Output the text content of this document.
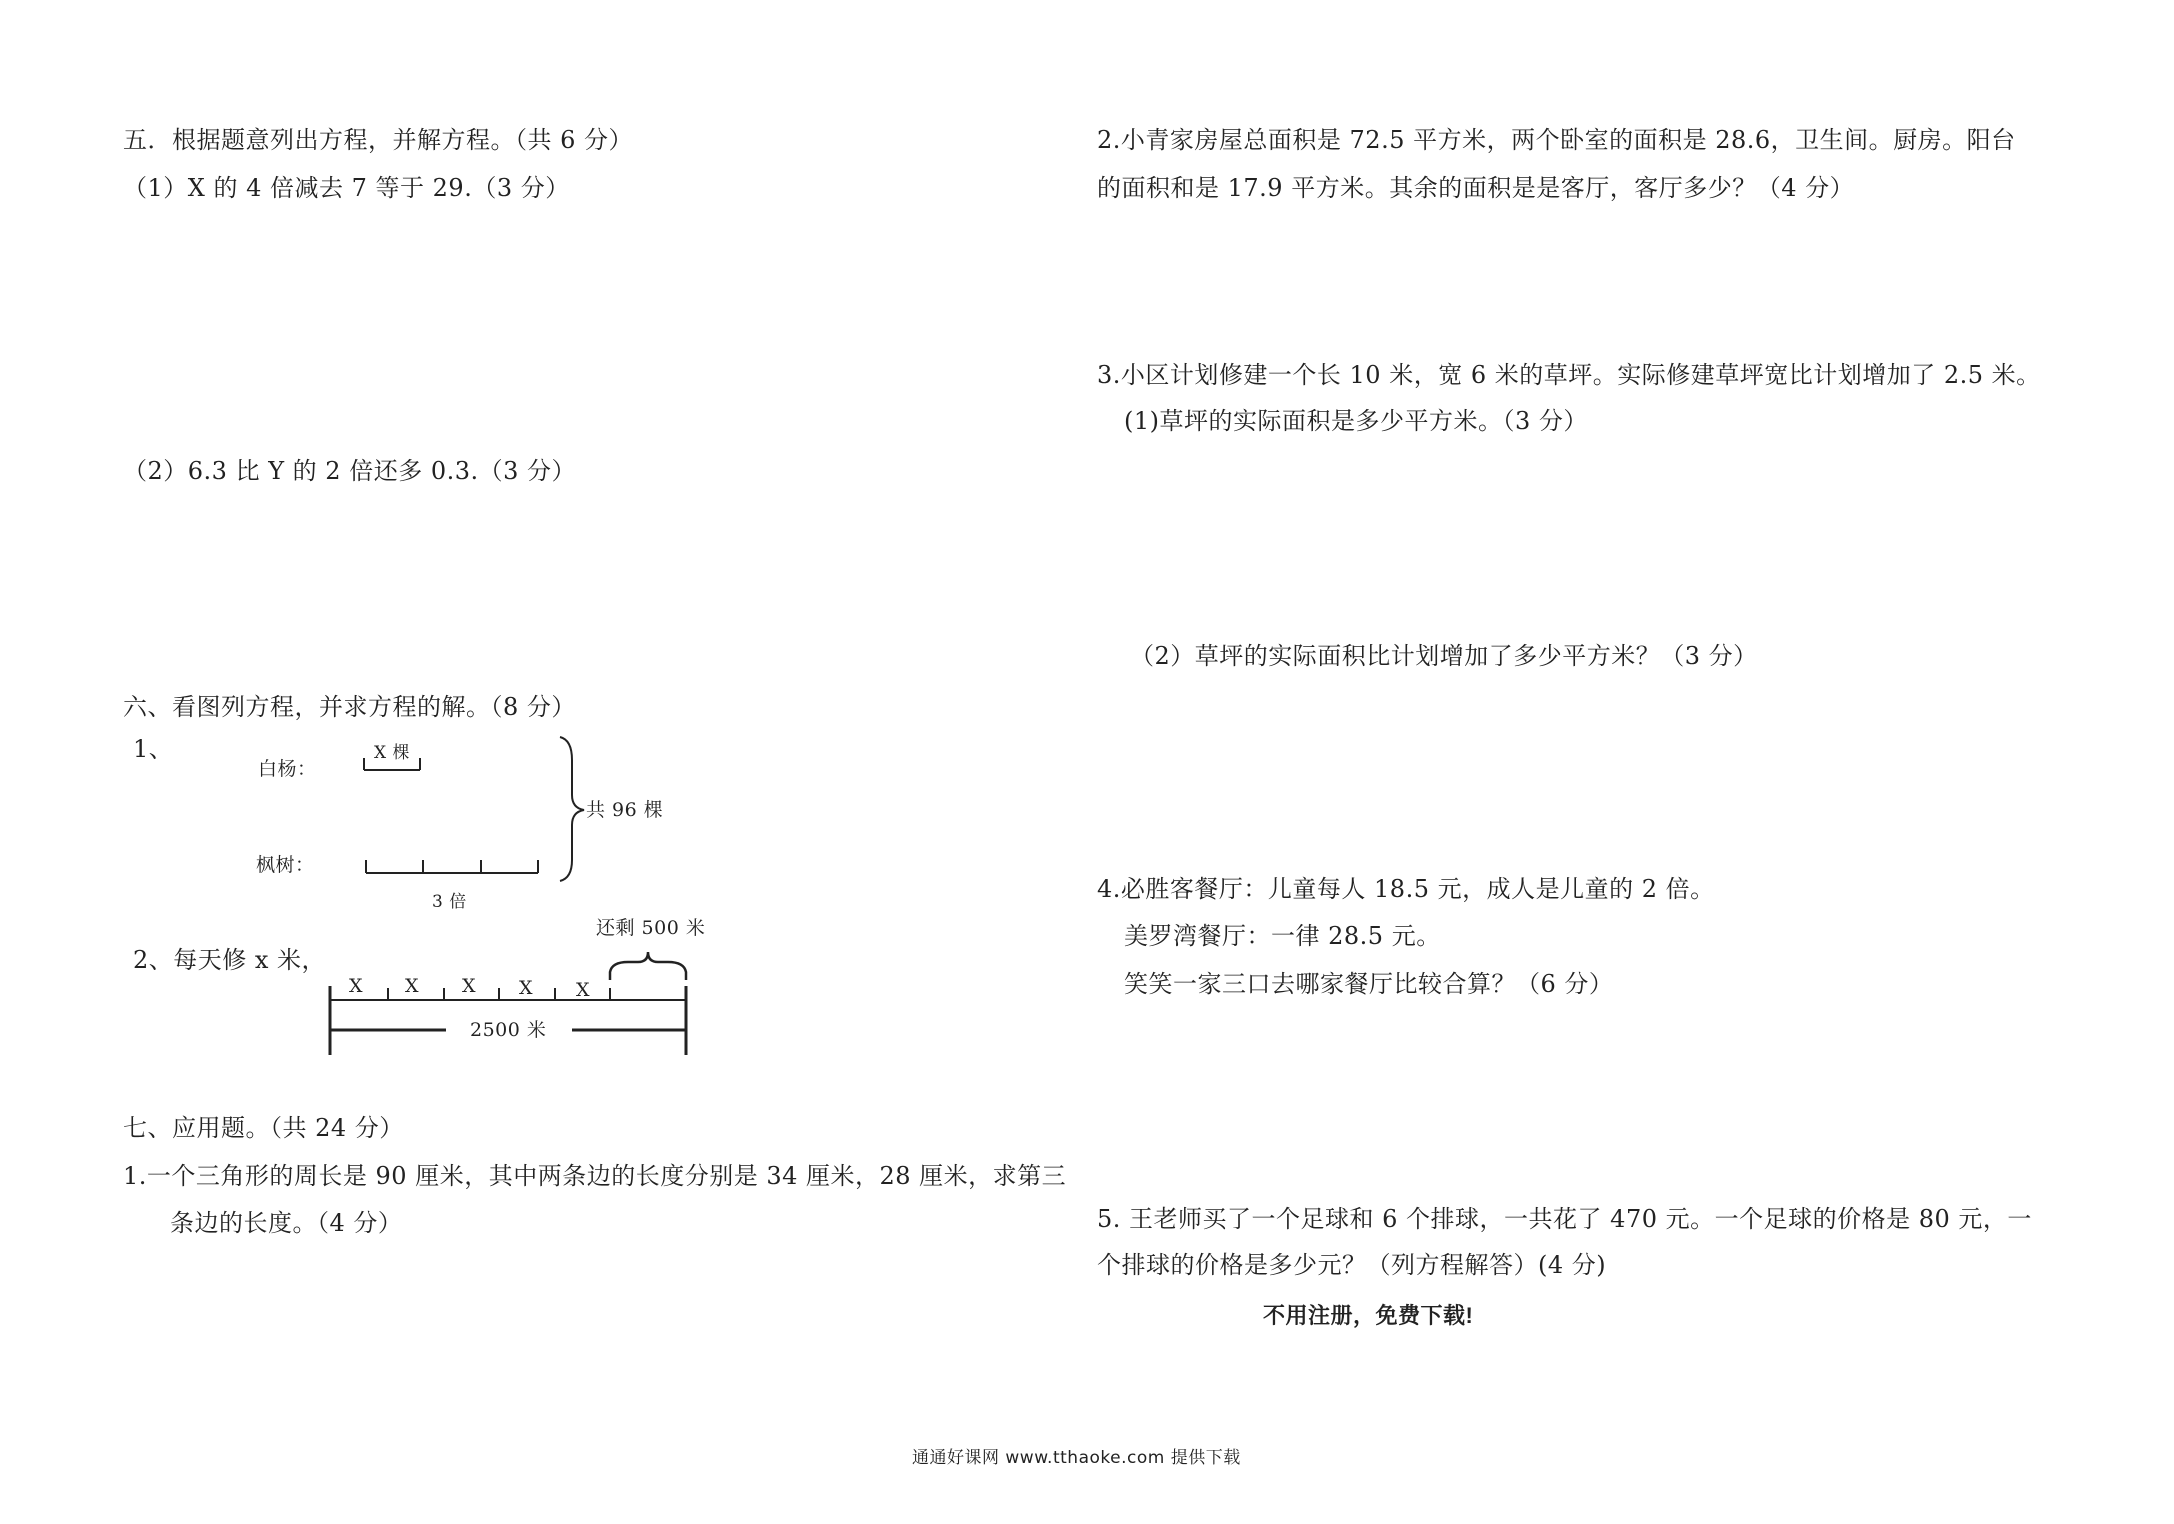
五．根据题意列出方程，并解方程。（共 6 分）
（1）X 的 4 倍减去 7 等于 29.（3 分）
（2）6.3 比 Y 的 2 倍还多 0.3.（3 分）
六、看图列方程，并求方程的解。（8 分）
1、
白杨：
X 棵
枫树：
3 倍
共 96 棵
2、每天修 x 米，
X X X X X
还剩 500 米
2500 米
七、应用题。（共 24 分）
1.一个三角形的周长是 90 厘米，其中两条边的长度分别是 34 厘米，28 厘米，求第三
条边的长度。（4 分）
2.小青家房屋总面积是 72.5 平方米，两个卧室的面积是 28.6，卫生间。厨房。阳台
的面积和是 17.9 平方米。其余的面积是是客厅，客厅多少？（4 分）
3.小区计划修建一个长 10 米，宽 6 米的草坪。实际修建草坪宽比计划增加了 2.5 米。
(1)草坪的实际面积是多少平方米。（3 分）
（2）草坪的实际面积比计划增加了多少平方米？（3 分）
4.必胜客餐厅：儿童每人 18.5 元，成人是儿童的 2 倍。
美罗湾餐厅：一律 28.5 元。
笑笑一家三口去哪家餐厅比较合算？（6 分）
5. 王老师买了一个足球和 6 个排球，一共花了 470 元。一个足球的价格是 80 元，一
个排球的价格是多少元？（列方程解答）(4 分)
不用注册，免费下载!
通通好课网 www.tthaoke.com 提供下载
